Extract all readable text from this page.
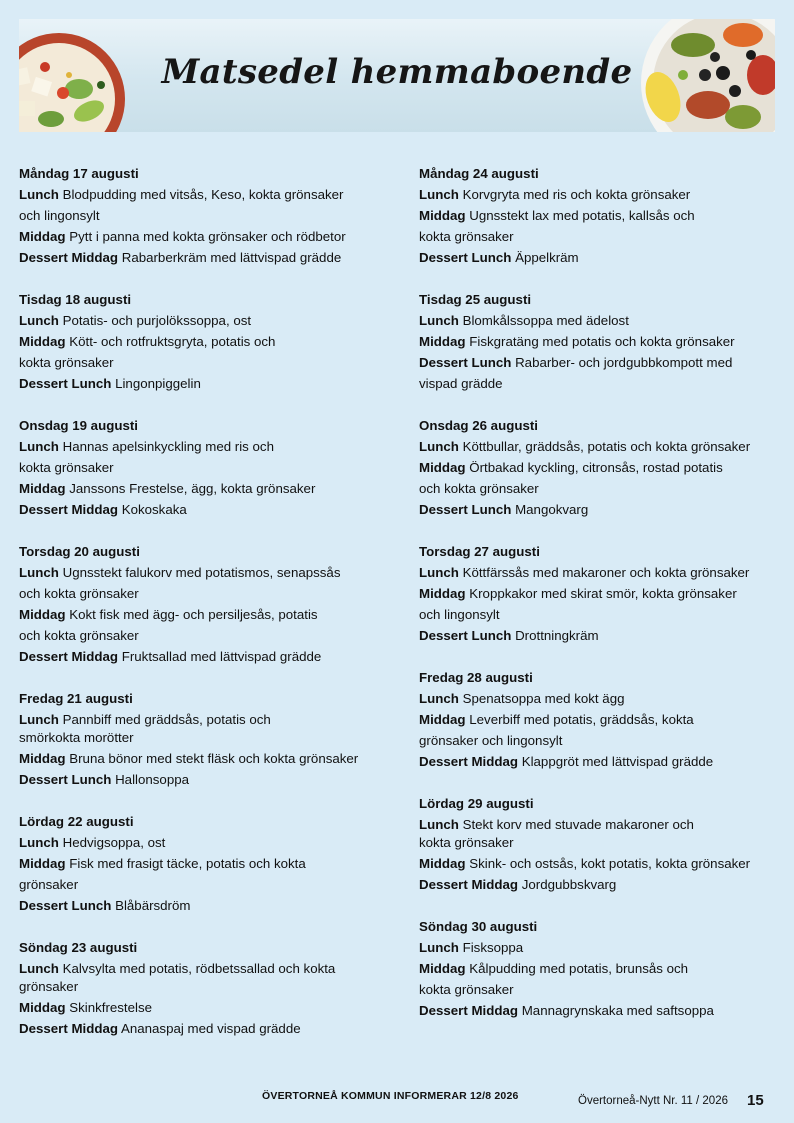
Matsedel hemmaboende
Måndag 17 augusti
Lunch Blodpudding med vitsås, Keso, kokta grönsaker
och lingonsylt
Middag Pytt i panna med kokta grönsaker och rödbetor
Dessert Middag Rabarberkräm med lättvispad grädde
Tisdag 18 augusti
Lunch Potatis- och purjolökssoppa, ost
Middag Kött- och rotfruktsgryta, potatis och
kokta grönsaker
Dessert Lunch Lingonpiggelin
Onsdag 19 augusti
Lunch Hannas apelsinkyckling med ris och
kokta grönsaker
Middag Janssons Frestelse, ägg, kokta grönsaker
Dessert Middag Kokoskaka
Torsdag 20 augusti
Lunch Ugnsstekt falukorv med potatismos, senapssås
och kokta grönsaker
Middag Kokt fisk med ägg- och persiljesås, potatis
och kokta grönsaker
Dessert Middag Fruktsallad med lättvispad grädde
Fredag 21 augusti
Lunch Pannbiff med gräddsås, potatis och
smörkokta morötter
Middag Bruna bönor med stekt fläsk och kokta grönsaker
Dessert Lunch Hallonsoppa
Lördag 22 augusti
Lunch Hedvigsoppa, ost
Middag Fisk med frasigt täcke, potatis och kokta
grönsaker
Dessert Lunch Blåbärsdröm
Söndag 23 augusti
Lunch Kalvsylta med potatis, rödbetssallad och kokta
grönsaker
Middag Skinkfrestelse
Dessert Middag Ananaspaj med vispad grädde
Måndag 24 augusti
Lunch Korvgryta med ris och kokta grönsaker
Middag Ugnsstekt lax med potatis, kallsås och
kokta grönsaker
Dessert Lunch Äppelkräm
Tisdag 25 augusti
Lunch Blomkålssoppa med ädelost
Middag Fiskgratäng med potatis och kokta grönsaker
Dessert Lunch Rabarber- och jordgubbkompott med
vispad grädde
Onsdag 26 augusti
Lunch Köttbullar, gräddsås, potatis och kokta grönsaker
Middag Örtbakad kyckling, citronsås, rostad potatis
och kokta grönsaker
Dessert Lunch Mangokvarg
Torsdag 27 augusti
Lunch Köttfärssås med makaroner och kokta grönsaker
Middag Kroppkakor med skirat smör, kokta grönsaker
och lingonsylt
Dessert Lunch Drottningkräm
Fredag 28 augusti
Lunch Spenatsoppa med kokt ägg
Middag Leverbiff med potatis, gräddsås, kokta
grönsaker och lingonsylt
Dessert Middag Klappgröt med lättvispad grädde
Lördag 29 augusti
Lunch Stekt korv med stuvade makaroner och
kokta grönsaker
Middag Skink- och ostsås, kokt potatis, kokta grönsaker
Dessert Middag Jordgubbskvarg
Söndag 30 augusti
Lunch Fisksoppa
Middag Kålpudding med potatis, brunsås och
kokta grönsaker
Dessert Middag Mannagrynskaka med saftsoppa
ÖVERTORNEÅ KOMMUN INFORMERAR 12/8 2026	Övertorneå-Nytt Nr. 11 / 2026 15
